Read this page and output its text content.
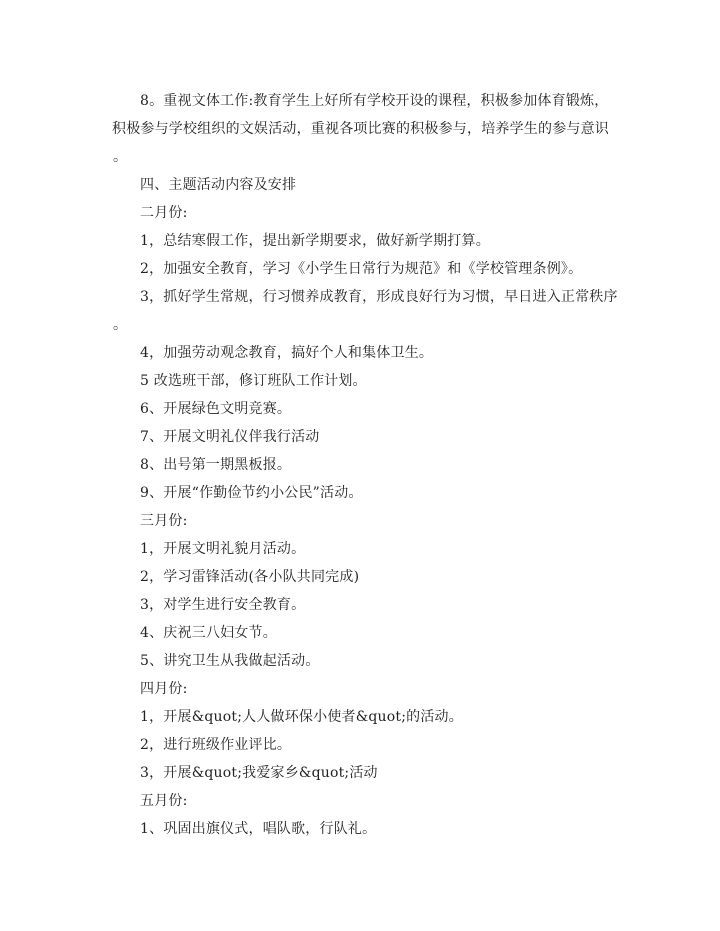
8。重视文体工作:教育学生上好所有学校开设的课程，积极参加体育锻炼，
积极参与学校组织的文娱活动，重视各项比赛的积极参与，培养学生的参与意识
。
四、主题活动内容及安排
二月份:
1，总结寒假工作，提出新学期要求，做好新学期打算。
2，加强安全教育，学习《小学生日常行为规范》和《学校管理条例》。
3，抓好学生常规，行习惯养成教育，形成良好行为习惯，早日进入正常秩序
。
4，加强劳动观念教育，搞好个人和集体卫生。
5 改选班干部，修订班队工作计划。
6、开展绿色文明竞赛。
7、开展文明礼仪伴我行活动
8、出号第一期黑板报。
9、开展“作勤俭节约小公民”活动。
三月份:
1，开展文明礼貌月活动。
2，学习雷锋活动(各小队共同完成)
3，对学生进行安全教育。
4、庆祝三八妇女节。
5、讲究卫生从我做起活动。
四月份:
1，开展&quot;人人做环保小使者&quot;的活动。
2，进行班级作业评比。
3，开展&quot;我爱家乡&quot;活动
五月份:
1、巩固出旗仪式，唱队歌，行队礼。
